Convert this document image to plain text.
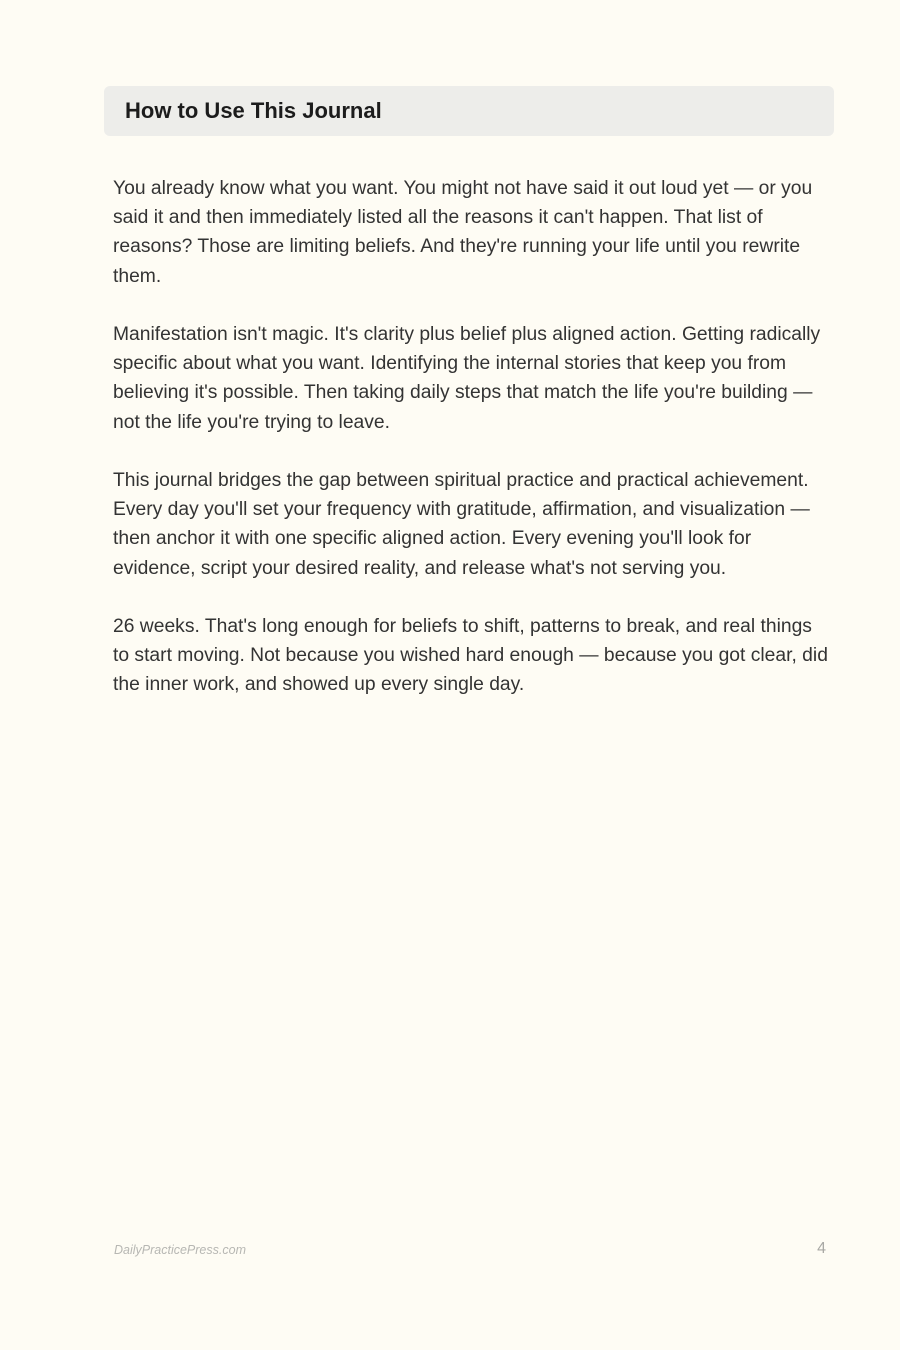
How to Use This Journal

You already know what you want. You might not have said it out loud yet — or you said it and then immediately listed all the reasons it can't happen. That list of reasons? Those are limiting beliefs. And they're running your life until you rewrite them.

Manifestation isn't magic. It's clarity plus belief plus aligned action. Getting radically specific about what you want. Identifying the internal stories that keep you from believing it's possible. Then taking daily steps that match the life you're building — not the life you're trying to leave.

This journal bridges the gap between spiritual practice and practical achievement. Every day you'll set your frequency with gratitude, affirmation, and visualization — then anchor it with one specific aligned action. Every evening you'll look for evidence, script your desired reality, and release what's not serving you.

26 weeks. That's long enough for beliefs to shift, patterns to break, and real things to start moving. Not because you wished hard enough — because you got clear, did the inner work, and showed up every single day.

DailyPracticePress.com	4
